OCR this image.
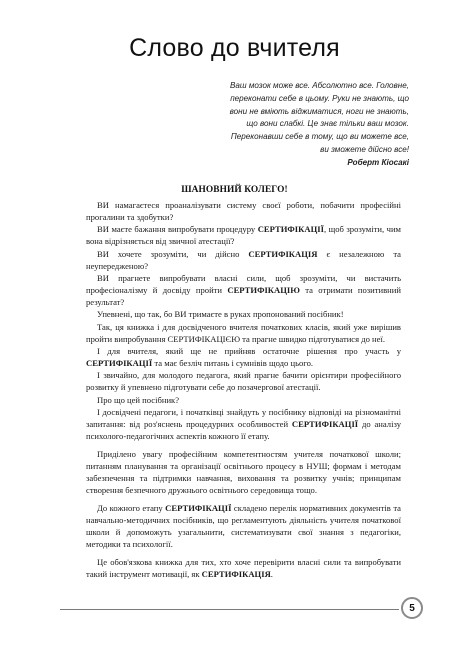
Слово до вчителя
Ваш мозок може все. Абсолютно все. Головне,
переконати себе в цьому. Руки не знають, що
вони не вміють віджиматися, ноги не знають,
що вони слабкі. Це знає тільки ваш мозок.
Переконавши себе в тому, що ви можете все,
ви зможете дійсно все!
Роберт Кіосакі
ШАНОВНИЙ КОЛЕГО!

ВИ намагаєтеся проаналізувати систему своєї роботи, побачити професійні прогалини та здобутки?

ВИ маєте бажання випробувати процедуру СЕРТИФІКАЦІЇ, щоб зрозуміти, чим вона відрізняється від звичної атестації?

ВИ хочете зрозуміти, чи дійсно СЕРТИФІКАЦІЯ є незалежною та неупередженою?

ВИ прагнете випробувати власні сили, щоб зрозуміти, чи вистачить професіоналізму й досвіду пройти СЕРТИФІКАЦІЮ та отримати позитивний результат?

Упевнені, що так, бо ВИ тримаєте в руках пропонований посібник!

Так, ця книжка і для досвідченого вчителя початкових класів, який уже вирішив пройти випробування СЕРТИФІКАЦІЄЮ та прагне швидко підготуватися до неї.

І для вчителя, який ще не прийняв остаточне рішення про участь у СЕРТИФІКАЦІЇ та має безліч питань і сумнівів щодо цього.

І звичайно, для молодого педагога, який прагне бачити орієнтири професійного розвитку й упевнено підготувати себе до позачергової атестації.

Про що цей посібник?

І досвідчені педагоги, і початківці знайдуть у посібнику відповіді на різноманітні запитання: від роз'яснень процедурних особливостей СЕРТИФІКАЦІЇ до аналізу психолого-педагогічних аспектів кожного її етапу.

Приділено увагу професійним компетентностям учителя початкової школи; питанням планування та організації освітнього процесу в НУШ; формам і методам забезпечення та підтримки навчання, виховання та розвитку учнів; принципам створення безпечного дружнього освітнього середовища тощо.

До кожного етапу СЕРТИФІКАЦІЇ складено перелік нормативних документів та навчально-методичних посібників, що регламентують діяльність учителя початкової школи й допоможуть узагальнити, систематизувати свої знання з педагогіки, методики та психології.

Це обов'язкова книжка для тих, хто хоче перевірити власні сили та випробувати такий інструмент мотивації, як СЕРТИФІКАЦІЯ.

5
